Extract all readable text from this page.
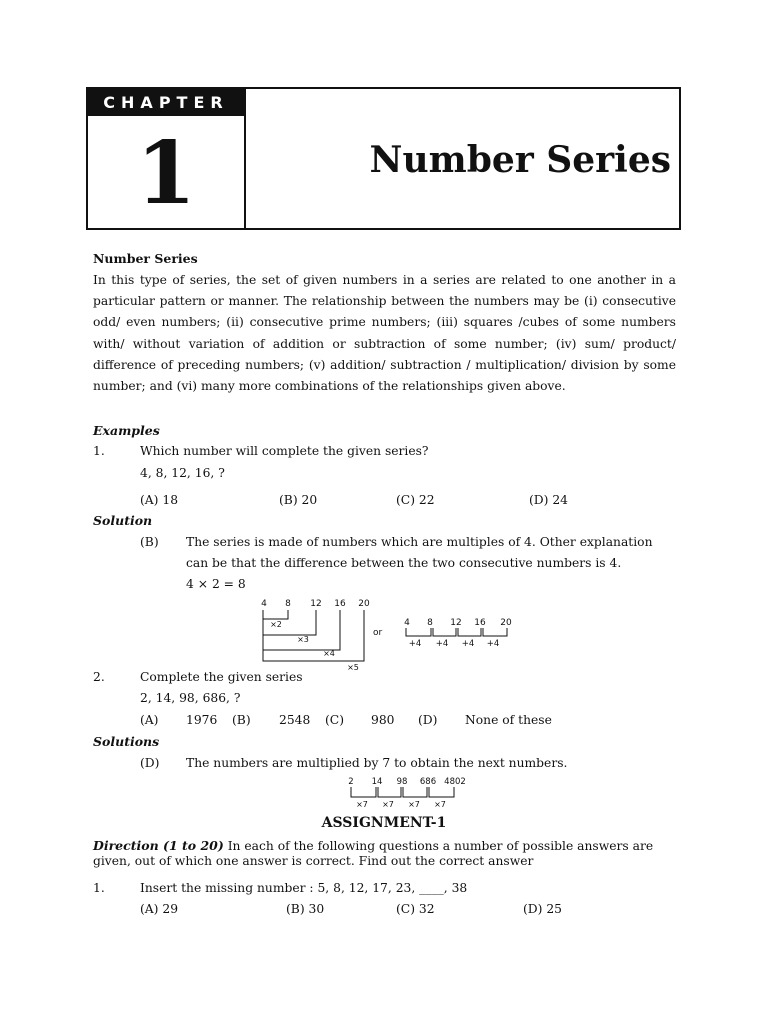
CHAPTER
1	Number Series
Number Series
In this type of series, the set of given numbers in a series are related to one another in a particular pattern or manner. The relationship between the numbers may be (i) consecutive odd/ even numbers; (ii) consecutive prime numbers; (iii) squares /cubes of some numbers with/ without variation of addition or subtraction of some number; (iv) sum/ product/ difference of preceding numbers; (v) addition/ subtraction / multiplication/ division by some number; and (vi) many more combinations of the relationships given above.
Examples
1.	Which number will complete the given series?
4, 8, 12, 16, ?
(A) 18	(B) 20	(C) 22	(D) 24
Solution
(B) The series is made of numbers which are multiples of 4. Other explanation
can be that the difference between the two consecutive numbers is 4.
4 × 2 = 8
4 8 12 16 20
×2
×3
×4
×5
or
4 8 12 16 20
+4 +4 +4 +4
2.	Complete the given series
2, 14, 98, 686, ?
(A) 1976 (B) 2548 (C) 980 (D) None of these
Solutions
(D) The numbers are multiplied by 7 to obtain the next numbers.
2 14 98 686 4802
×7 ×7 ×7 ×7
ASSIGNMENT-1
Direction (1 to 20) In each of the following questions a number of possible answers are
given, out of which one answer is correct. Find out the correct answer
1.	Insert the missing number : 5, 8, 12, 17, 23, ____, 38
(A) 29	(B) 30	(C) 32	(D) 25
